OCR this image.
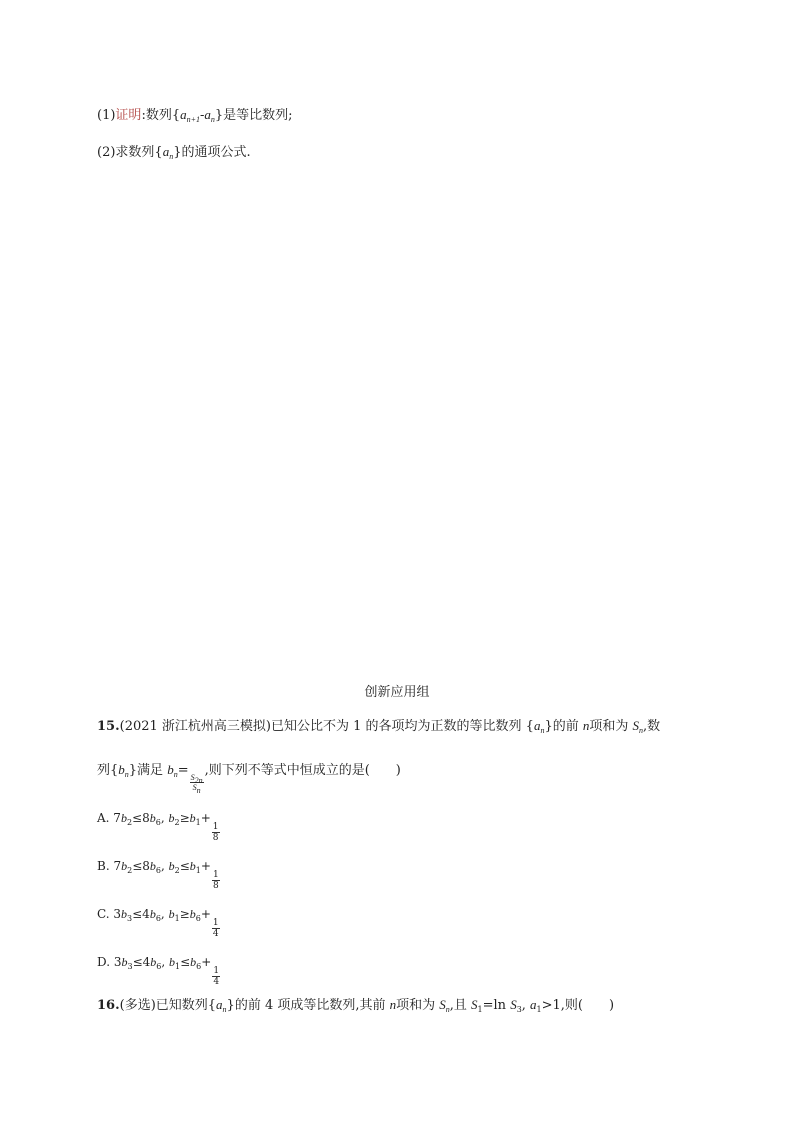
(1)证明:数列$\{a_{n+1}-a_n\}$是等比数列;
(2)求数列$\{a_n\}$的通项公式.
创新应用组
15.(2021 浙江杭州高三模拟)已知公比不为 1 的各项均为正数的等比数列 $\{a_n\}$的前 n项和为 $S_n$,数
列$\{b_n\}$满足 $b_n=$
$\frac{S_{2n}}{S_n}$
,则下列不等式中恒成立的是(　　)
A. $7b_2\le 8b_6$, $b_2\ge b_1+$
$\frac{1}{8}$
B. $7b_2\le 8b_6$, $b_2\le b_1+$
$\frac{1}{8}$
C. $3b_3\le 4b_6$, $b_1\ge b_6+$
$\frac{1}{4}$
D. $3b_3\le 4b_6$, $b_1\le b_6+$
$\frac{1}{4}$
16.(多选)已知数列$\{a_n\}$的前 4 项成等比数列,其前 n项和为 $S_n$,且 $S_1=\ln$ $S_3$, $a_1>1$,则(　　)
